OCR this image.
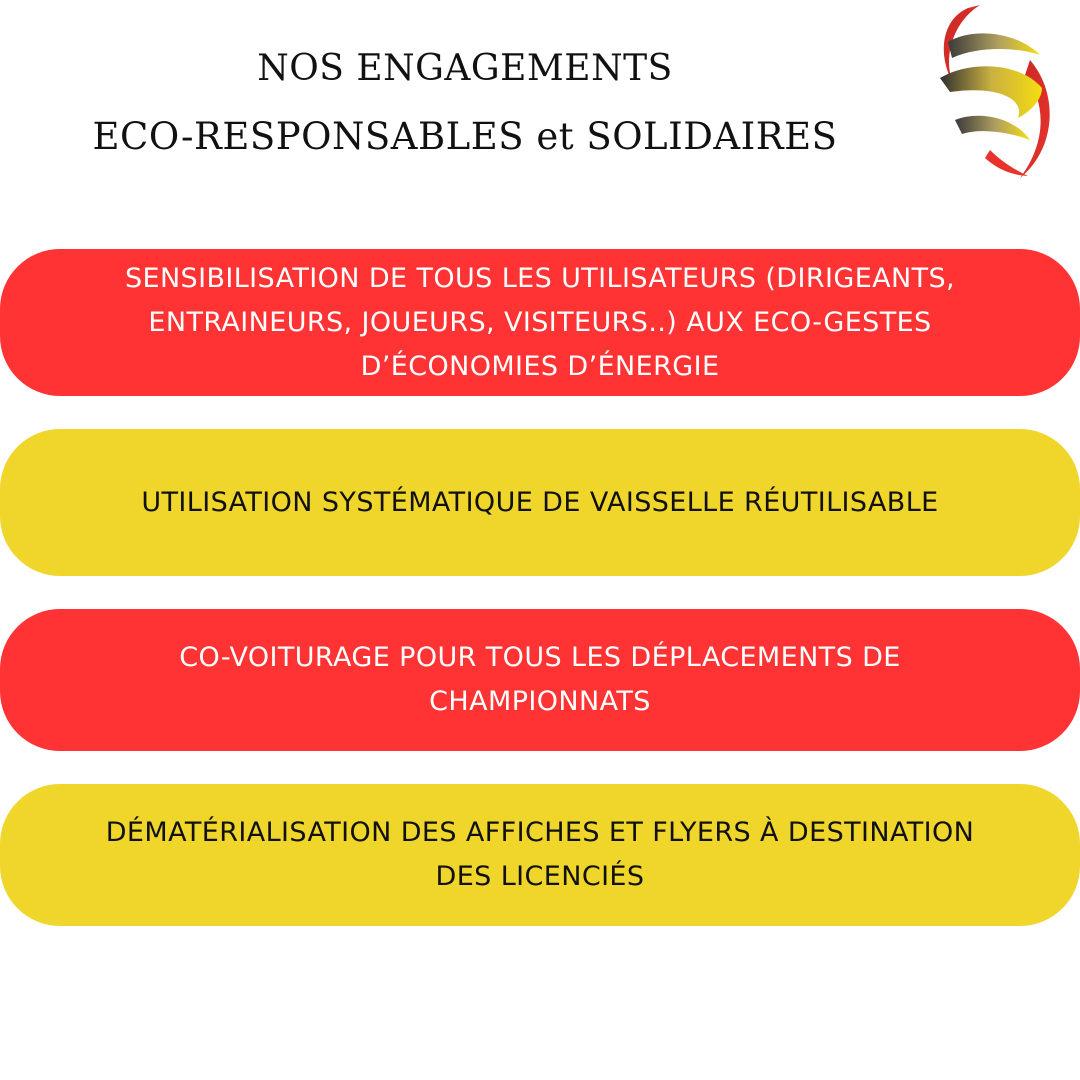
NOS ENGAGEMENTS
ECO-RESPONSABLES et SOLIDAIRES
SENSIBILISATION DE TOUS LES UTILISATEURS (DIRIGEANTS,
ENTRAINEURS, JOUEURS, VISITEURS..) AUX ECO-GESTES
D’ÉCONOMIES D’ÉNERGIE
UTILISATION SYSTÉMATIQUE DE VAISSELLE RÉUTILISABLE
CO-VOITURAGE POUR TOUS LES DÉPLACEMENTS DE
CHAMPIONNATS
DÉMATÉRIALISATION DES AFFICHES ET FLYERS À DESTINATION
DES LICENCIÉS
